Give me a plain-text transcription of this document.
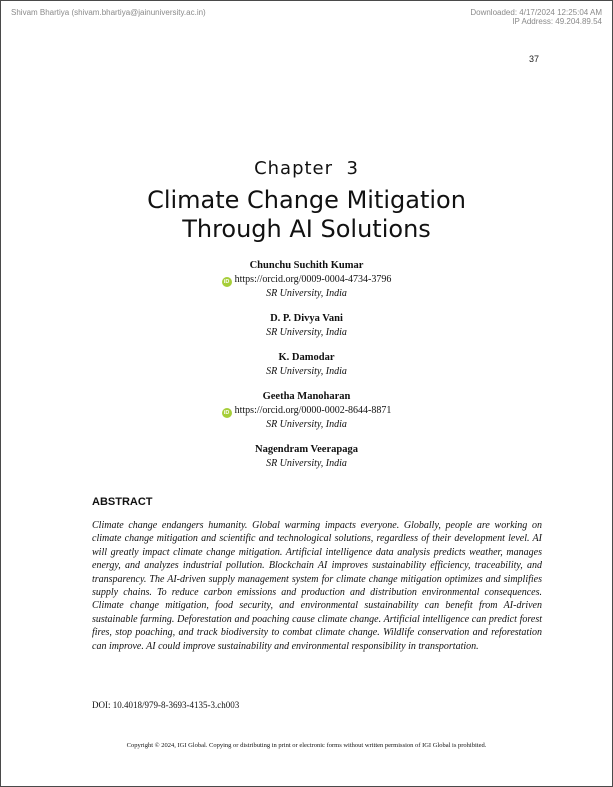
Shivam Bhartiya (shivam.bhartiya@jainuniversity.ac.in)	Downloaded: 4/17/2024 12:25:04 AM
IP Address: 49.204.89.54
37
Chapter  3
Climate Change Mitigation
Through AI Solutions
Chunchu Suchith Kumar
iD https://orcid.org/0009-0004-4734-3796
SR University, India
D. P. Divya Vani
SR University, India
K. Damodar
SR University, India
Geetha Manoharan
iD https://orcid.org/0000-0002-8644-8871
SR University, India
Nagendram Veerapaga
SR University, India
ABSTRACT
Climate change endangers humanity. Global warming impacts everyone. Globally, people are working on climate change mitigation and scientific and technological solutions, regardless of their development level. AI will greatly impact climate change mitigation. Artificial intelligence data analysis predicts weather, manages energy, and analyzes industrial pollution. Blockchain AI improves sustainability efficiency, traceability, and transparency. The AI-driven supply management system for climate change mitigation optimizes and simplifies supply chains. To reduce carbon emissions and production and distribution environmental consequences. Climate change mitigation, food security, and environmental sustainability can benefit from AI-driven sustainable farming. Deforestation and poaching cause climate change. Artificial intelligence can predict forest fires, stop poaching, and track biodiversity to combat climate change. Wildlife conservation and reforestation can improve. AI could improve sustainability and environmental responsibility in transportation.
DOI: 10.4018/979-8-3693-4135-3.ch003
Copyright © 2024, IGI Global. Copying or distributing in print or electronic forms without written permission of IGI Global is prohibited.
